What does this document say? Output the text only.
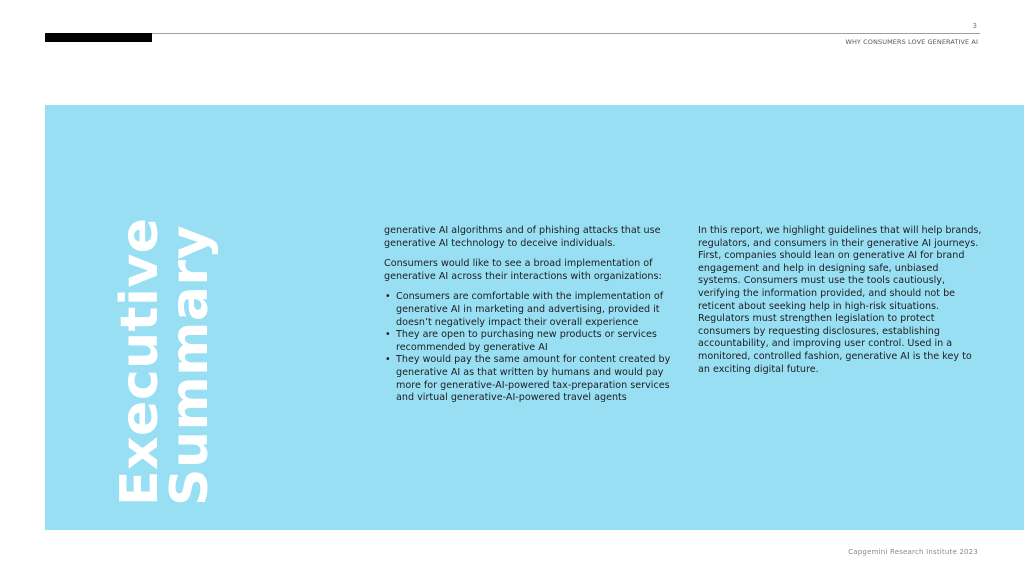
3
WHY CONSUMERS LOVE GENERATIVE AI
Executive
Summary	generative AI algorithms and of phishing attacks that use generative AI technology to deceive individuals.

Consumers would like to see a broad implementation of generative AI across their interactions with organizations:

• Consumers are comfortable with the implementation of generative AI in marketing and advertising, provided it doesn’t negatively impact their overall experience
• They are open to purchasing new products or services recommended by generative AI
• They would pay the same amount for content created by generative AI as that written by humans and would pay more for generative-AI-powered tax-preparation services and virtual generative-AI-powered travel agents

In this report, we highlight guidelines that will help brands, regulators, and consumers in their generative AI journeys. First, companies should lean on generative AI for brand engagement and help in designing safe, unbiased systems. Consumers must use the tools cautiously, verifying the information provided, and should not be reticent about seeking help in high-risk situations. Regulators must strengthen legislation to protect consumers by requesting disclosures, establishing accountability, and improving user control. Used in a monitored, controlled fashion, generative AI is the key to an exciting digital future.

Capgemini Research Institute 2023
